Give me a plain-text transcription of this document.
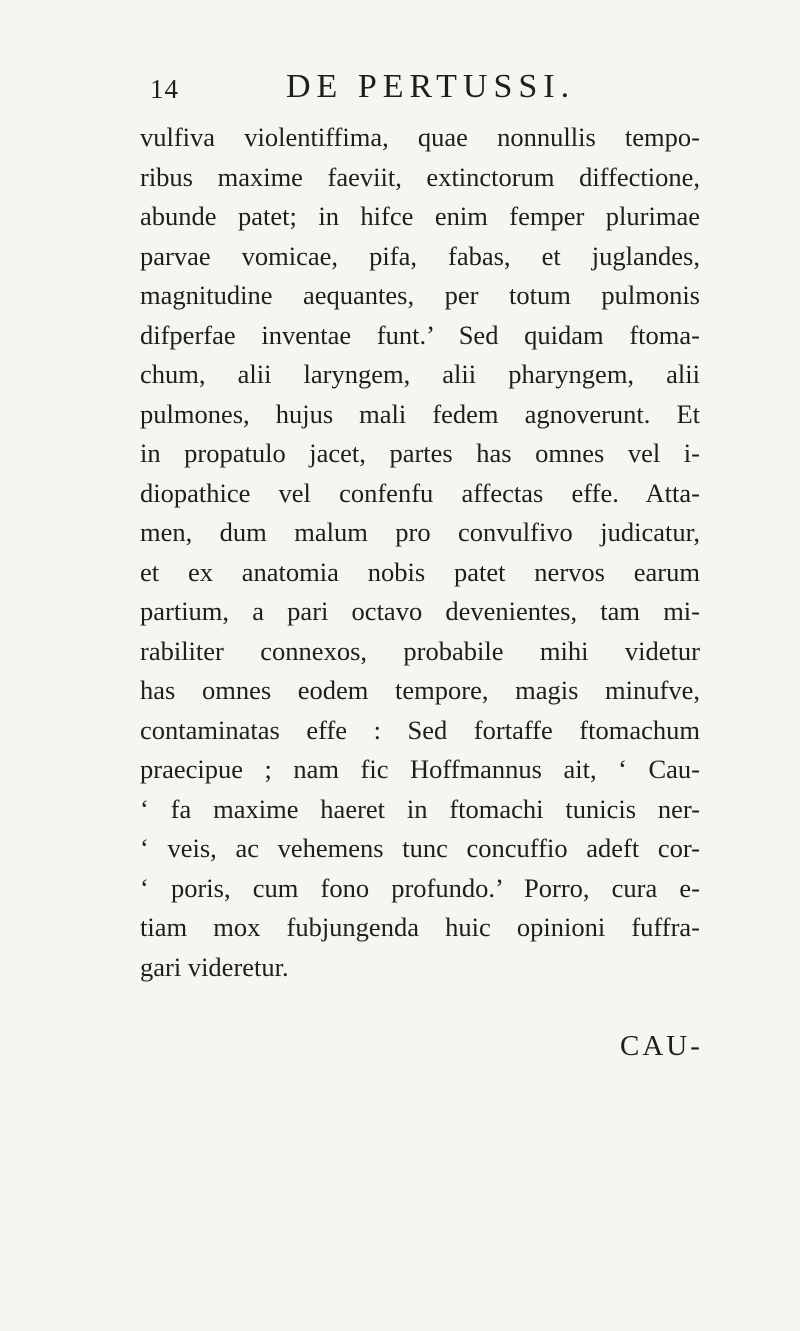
14	DE PERTUSSI.
vulfiva violentiffima, quae nonnullis tempo-
ribus maxime faeviit, extinctorum diffectione,
abunde patet; in hifce enim femper plurimae
parvae vomicae, pifa, fabas, et juglandes,
magnitudine aequantes, per totum pulmonis
difperfae inventae funt.’ Sed quidam ftoma-
chum, alii laryngem, alii pharyngem, alii
pulmones, hujus mali fedem agnoverunt. Et
in propatulo jacet, partes has omnes vel i-
diopathice vel confenfu affectas effe. Atta-
men, dum malum pro convulfivo judicatur,
et ex anatomia nobis patet nervos earum
partium, a pari octavo devenientes, tam mi-
rabiliter connexos, probabile mihi videtur
has omnes eodem tempore, magis minufve,
contaminatas effe : Sed fortaffe ftomachum
praecipue ; nam fic Hoffmannus ait, ‘ Cau-
‘ fa maxime haeret in ftomachi tunicis ner-
‘ veis, ac vehemens tunc concuffio adeft cor-
‘ poris, cum fono profundo.’ Porro, cura e-
tiam mox fubjungenda huic opinioni fuffra-
gari videretur.
CAU-
